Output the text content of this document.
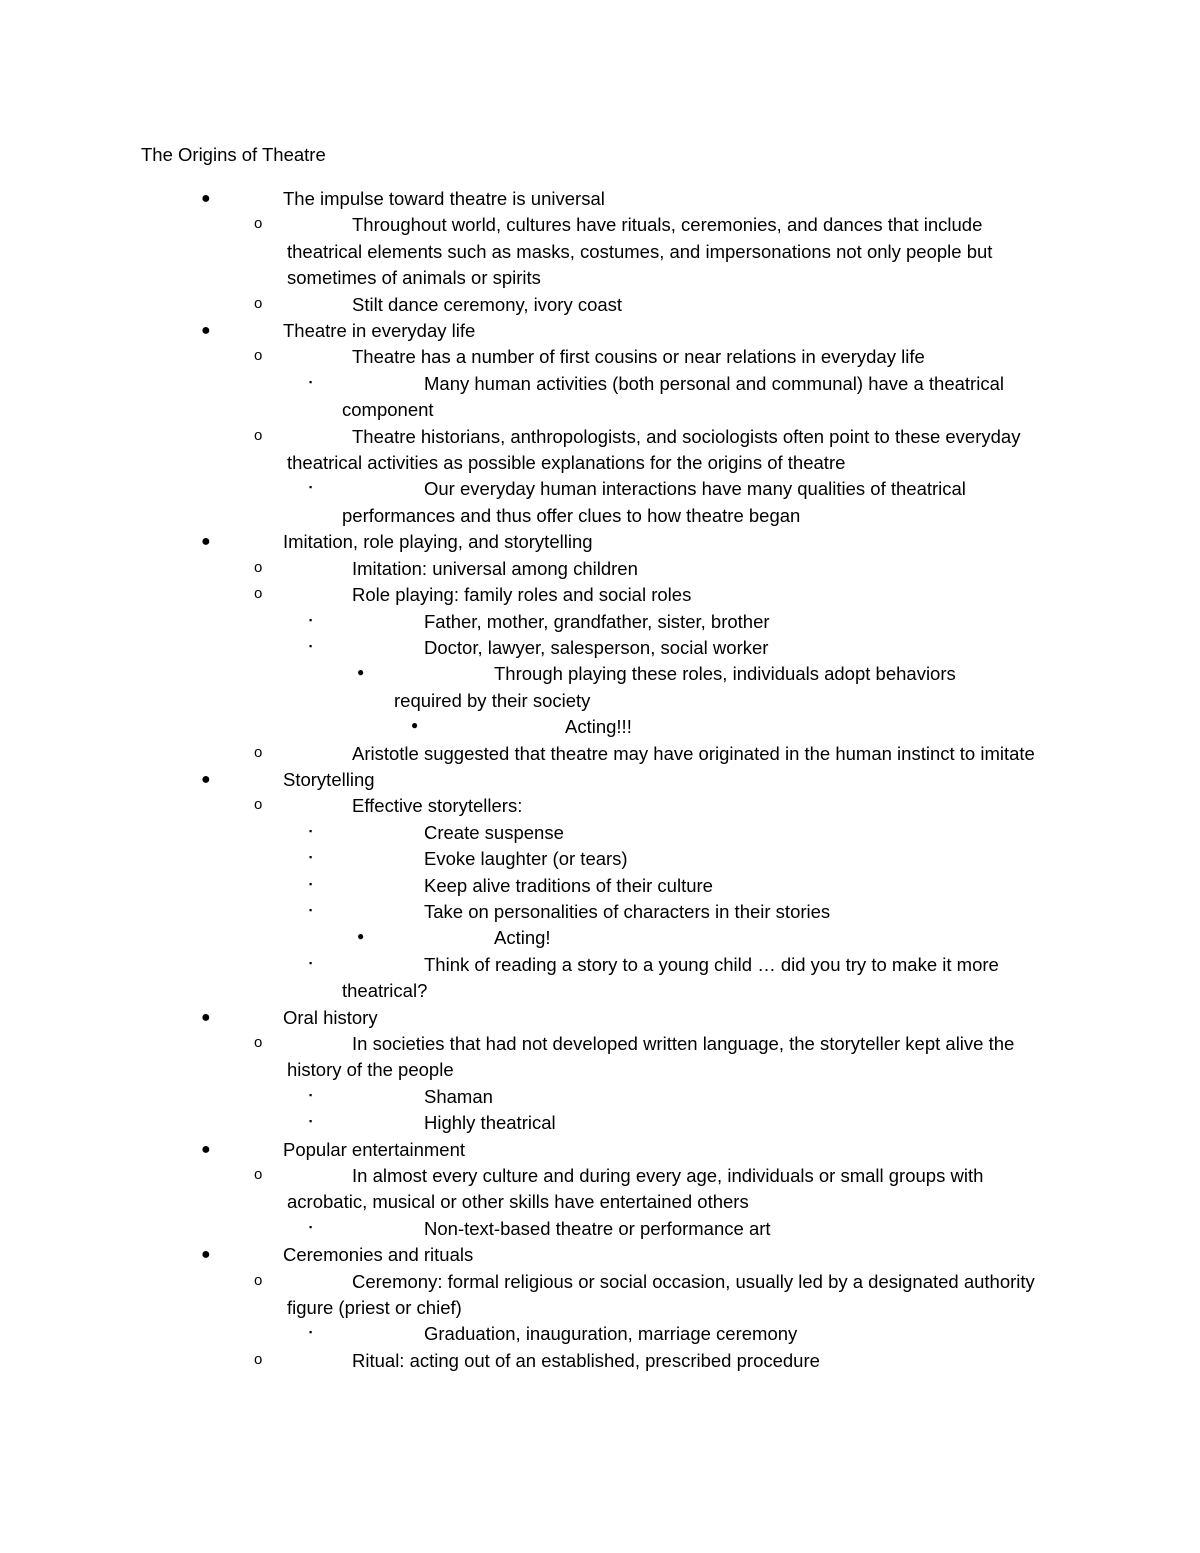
The Origins of Theatre
●
The impulse toward theatre is universal
o	Throughout world, cultures have rituals, ceremonies, and dances that include theatrical elements such as masks, costumes, and impersonations not only people but sometimes of animals or spirits
o	Stilt dance ceremony, ivory coast
●
Theatre in everyday life
o	Theatre has a number of first cousins or near relations in everyday life
▪	Many human activities (both personal and communal) have a theatrical component
o	Theatre historians, anthropologists, and sociologists often point to these everyday theatrical activities as possible explanations for the origins of theatre
▪	Our everyday human interactions have many qualities of theatrical performances and thus offer clues to how theatre began
●
Imitation, role playing, and storytelling
o	Imitation: universal among children
o	Role playing: family roles and social roles
▪	Father, mother, grandfather, sister, brother
▪	Doctor, lawyer, salesperson, social worker
●	Through playing these roles, individuals adopt behaviors required by their society
●	Acting!!!
o	Aristotle suggested that theatre may have originated in the human instinct to imitate
●
Storytelling
o	Effective storytellers:
▪	Create suspense
▪	Evoke laughter (or tears)
▪	Keep alive traditions of their culture
▪	Take on personalities of characters in their stories
●	Acting!
▪	Think of reading a story to a young child … did you try to make it more theatrical?
●
Oral history
o	In societies that had not developed written language, the storyteller kept alive the history of the people
▪	Shaman
▪	Highly theatrical
●
Popular entertainment
o	In almost every culture and during every age, individuals or small groups with acrobatic, musical or other skills have entertained others
▪	Non-text-based theatre or performance art
●
Ceremonies and rituals
o	Ceremony: formal religious or social occasion, usually led by a designated authority figure (priest or chief)
▪	Graduation, inauguration, marriage ceremony
o	Ritual: acting out of an established, prescribed procedure
